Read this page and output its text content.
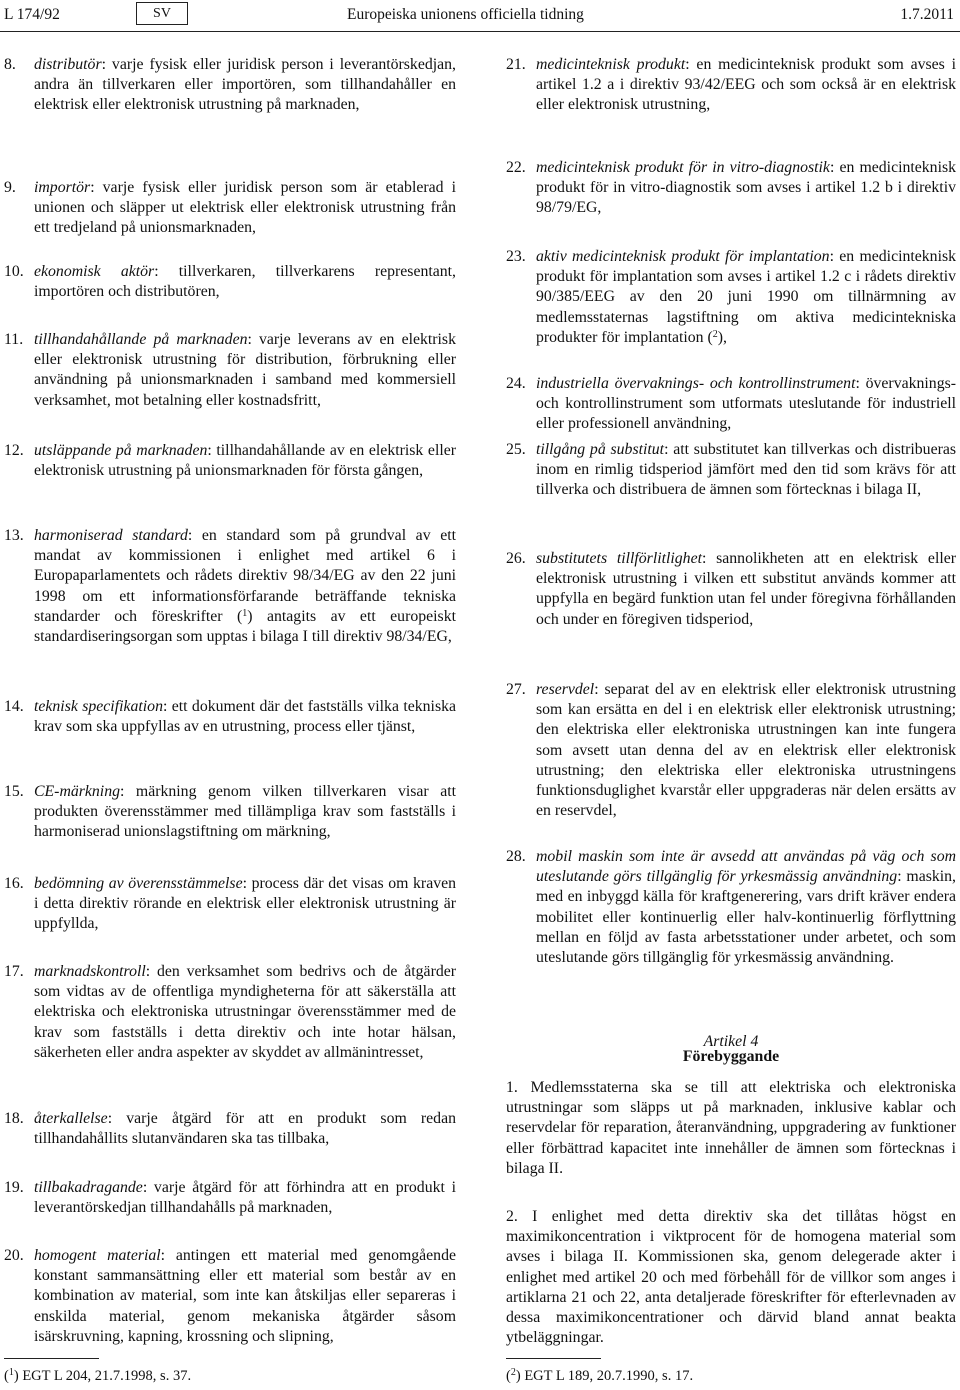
L 174/92	SV	Europeiska unionens officiella tidning	1.7.2011
8.	distributör: varje fysisk eller juridisk person i leverantörskedjan, andra än tillverkaren eller importören, som tillhandahåller en elektrisk eller elektronisk utrustning på marknaden,
9.	importör: varje fysisk eller juridisk person som är etablerad i unionen och släpper ut elektrisk eller elektronisk utrustning från ett tredjeland på unionsmarknaden,
10. ekonomisk aktör: tillverkaren, tillverkarens representant, importören och distributören,
11. tillhandahållande på marknaden: varje leverans av en elektrisk eller elektronisk utrustning för distribution, förbrukning eller användning på unionsmarknaden i samband med kommersiell verksamhet, mot betalning eller kostnadsfritt,
12. utsläppande på marknaden: tillhandahållande av en elektrisk eller elektronisk utrustning på unionsmarknaden för första gången,
13. harmoniserad standard: en standard som på grundval av ett mandat av kommissionen i enlighet med artikel 6 i Europaparlamentets och rådets direktiv 98/34/EG av den 22 juni 1998 om ett informationsförfarande beträffande tekniska standarder och föreskrifter ($^1$) antagits av ett europeiskt standardiseringsorgan som upptas i bilaga I till direktiv 98/34/EG,
14. teknisk specifikation: ett dokument där det fastställs vilka tekniska krav som ska uppfyllas av en utrustning, process eller tjänst,
15. CE-märkning: märkning genom vilken tillverkaren visar att produkten överensstämmer med tillämpliga krav som fastställs i harmoniserad unionslagstiftning om märkning,
16. bedömning av överensstämmelse: process där det visas om kraven i detta direktiv rörande en elektrisk eller elektronisk utrustning är uppfyllda,
17. marknadskontroll: den verksamhet som bedrivs och de åtgärder som vidtas av de offentliga myndigheterna för att säkerställa att elektriska och elektroniska utrustningar överensstämmer med de krav som fastställs i detta direktiv och inte hotar hälsan, säkerheten eller andra aspekter av skyddet av allmänintresset,
18. återkallelse: varje åtgärd för att en produkt som redan tillhandahållits slutanvändaren ska tas tillbaka,
19. tillbakadragande: varje åtgärd för att förhindra att en produkt i leverantörskedjan tillhandahålls på marknaden,
20. homogent material: antingen ett material med genomgående konstant sammansättning eller ett material som består av en kombination av material, som inte kan åtskiljas eller separeras i enskilda material, genom mekaniska åtgärder såsom isärskruvning, kapning, krossning och slipning,
Artikel 4
Förebyggande
1. Medlemsstaterna ska se till att elektriska och elektroniska utrustningar som släpps ut på marknaden, inklusive kablar och reservdelar för reparation, återanvändning, uppgradering av funktioner eller förbättrad kapacitet inte innehåller de ämnen som förtecknas i bilaga II.
2. I enlighet med detta direktiv ska det tillåtas högst en maximikoncentration i viktprocent för de homogena material som avses i bilaga II. Kommissionen ska, genom delegerade akter i enlighet med artikel 20 och med förbehåll för de villkor som anges i artiklarna 21 och 22, anta detaljerade föreskrifter för efterlevnaden av dessa maximikoncentrationer och därvid bland annat beakta ytbeläggningar.
21. medicinteknisk produkt: en medicinteknisk produkt som avses i artikel 1.2 a i direktiv 93/42/EEG och som också är en elektrisk eller elektronisk utrustning,
22. medicinteknisk produkt för in vitro-diagnostik: en medicinteknisk produkt för in vitro-diagnostik som avses i artikel 1.2 b i direktiv 98/79/EG,
23. aktiv medicinteknisk produkt för implantation: en medicinteknisk produkt för implantation som avses i artikel 1.2 c i rådets direktiv 90/385/EEG av den 20 juni 1990 om tillnärmning av medlemsstaternas lagstiftning om aktiva medicintekniska produkter för implantation ($^2$),
24. industriella övervaknings- och kontrollinstrument: övervaknings- och kontrollinstrument som utformats uteslutande för industriell eller professionell användning,
25. tillgång på substitut: att substitutet kan tillverkas och distribueras inom en rimlig tidsperiod jämfört med den tid som krävs för att tillverka och distribuera de ämnen som förtecknas i bilaga II,
26. substitutets tillförlitlighet: sannolikheten att en elektrisk eller elektronisk utrustning i vilken ett substitut används kommer att uppfylla en begärd funktion utan fel under föregivna förhållanden och under en föregiven tidsperiod,
27. reservdel: separat del av en elektrisk eller elektronisk utrustning som kan ersätta en del i en elektrisk eller elektronisk utrustning; den elektriska eller elektroniska utrustningen kan inte fungera som avsett utan denna del av en elektrisk eller elektronisk utrustning; den elektriska eller elektroniska utrustningens funktionsduglighet kvarstår eller uppgraderas när delen ersätts av en reservdel,
28. mobil maskin som inte är avsedd att användas på väg och som uteslutande görs tillgänglig för yrkesmässig användning: maskin, med en inbyggd källa för kraftgenerering, vars drift kräver endera mobilitet eller kontinuerlig eller halv-kontinuerlig förflyttning mellan en följd av fasta arbetsstationer under arbetet, och som uteslutande görs tillgänglig för yrkesmässig användning.
($^1$) EGT L 204, 21.7.1998, s. 37.	($^2$) EGT L 189, 20.7.1990, s. 17.
